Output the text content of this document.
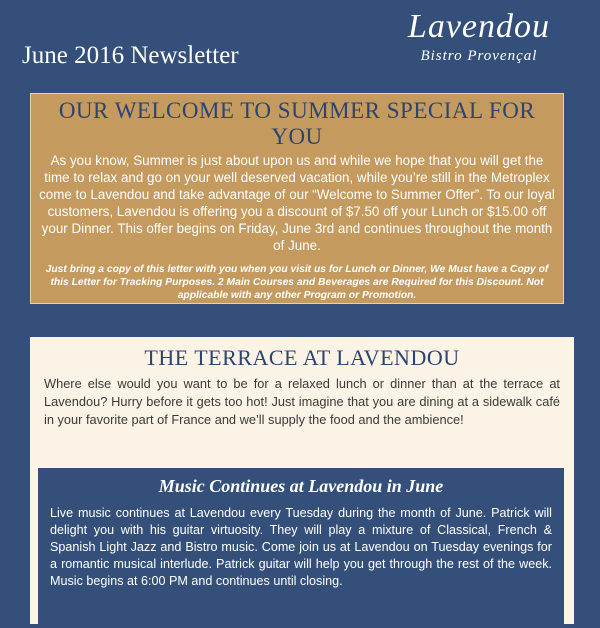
June 2016 Newsletter
Lavendou
Bistro Provençal
OUR WELCOME TO SUMMER SPECIAL FOR YOU
As you know, Summer is just about upon us and while we hope that you will get the time to relax and go on your well deserved vacation, while you’re still in the Metroplex come to Lavendou and take advantage of our “Welcome to Summer Offer”. To our loyal customers, Lavendou is offering you a discount of $7.50 off your Lunch or $15.00 off your Dinner. This offer begins on Friday, June 3rd and continues throughout the month of June.
Just bring a copy of this letter with you when you visit us for Lunch or Dinner, We Must have a Copy of this Letter for Tracking Purposes. 2 Main Courses and Beverages are Required for this Discount. Not applicable with any other Program or Promotion.
THE TERRACE AT LAVENDOU
Where else would you want to be for a relaxed lunch or dinner than at the terrace at Lavendou? Hurry before it gets too hot! Just imagine that you are dining at a sidewalk café in your favorite part of France and we’ll supply the food and the ambience!
Music Continues at Lavendou in June
Live music continues at Lavendou every Tuesday during the month of June. Patrick will delight you with his guitar virtuosity. They will play a mixture of Classical, French & Spanish Light Jazz and Bistro music. Come join us at Lavendou on Tuesday evenings for a romantic musical interlude. Patrick guitar will help you get through the rest of the week. Music begins at 6:00 PM and continues until closing.
